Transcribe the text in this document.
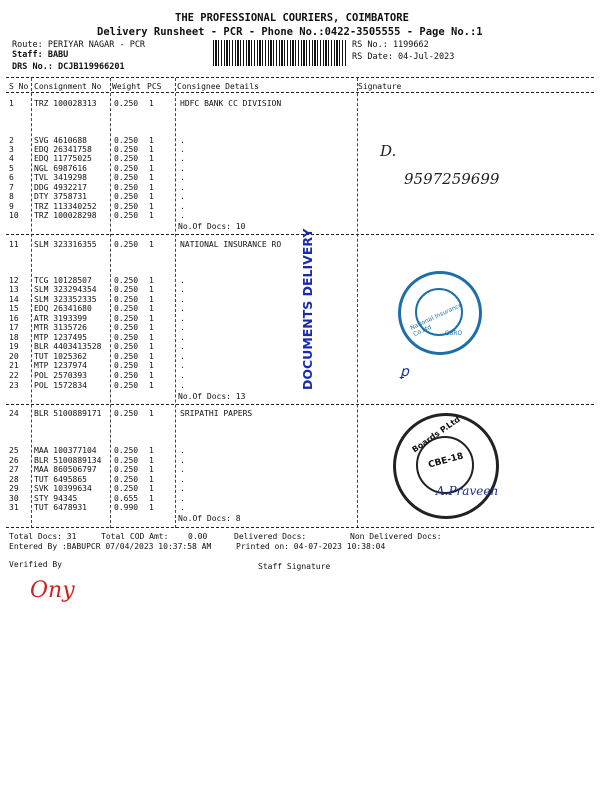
THE PROFESSIONAL COURIERS, COIMBATORE
Delivery Runsheet - PCR - Phone No.:0422-3505555 - Page No.:1
Route: PERIYAR NAGAR - PCR
Staff: BABU
DRS No.: DCJB119966201
RS No.: 1199662
RS Date: 04-Jul-2023
S No Consignment No Weight PCS Consignee Details	Signature
1	TRZ 100028313 0.250 1	HDFC BANK CC DIVISION
2	SVG 4610688	0.250 1	.
3	EDQ 26341758	0.250 1	.
4	EDQ 11775025	0.250 1	.
5	NGL 6987616	0.250 1	.
6	TVL 3419298	0.250 1	.
7	DDG 4932217	0.250 1	.
8	DTY 3758731	0.250 1	.
9	TRZ 113340252 0.250 1	.
10 TRZ 100028298 0.250 1	.
No.Of Docs: 10
11 SLM 323316355 0.250 1	NATIONAL INSURANCE RO
12 TCG 10128507	0.250 1	.
13 SLM 323294354 0.250 1	.
14 SLM 323352335 0.250 1	.
15 EDQ 26341680	0.250 1	.
16 ATR 3193399	0.250 1	.
17 MTR 3135726	0.250 1	.
18 MTP 1237495	0.250 1	.
19 BLR 4403413528 0.250 1	.
20 TUT 1025362	0.250 1	.
21 MTP 1237974	0.250 1	.
22 POL 2570393	0.250 1	.
23 POL 1572834	0.250 1	.
No.Of Docs: 13
24 BLR 5100889171 0.250 1	SRIPATHI PAPERS
25 MAA 100377104 0.250 1	.
26 BLR 5100889134 0.250 1	.
27 MAA 860506797 0.250 1	.
28 TUT 6495865	0.250 1	.
29 SVK 10399634	0.250 1	.
30 STY 94345	0.655 1	.
31 TUT 6478931	0.990 1	.
No.Of Docs: 8
Total Docs: 31	Total COD Amt: 0.00	Delivered Docs:	Non Delivered Docs:
Entered By :BABUPCR 07/04/2023 10:37:58 AM	Printed on: 04-07-2023 10:38:04
Verified By	Staff Signature
D.
9597259699
DOCUMENTS DELIVERY	National Insurance Co.Ltd	CBRO
ꝑ
Boards P.Ltd
CBE-18
A.Praveen
Ony
